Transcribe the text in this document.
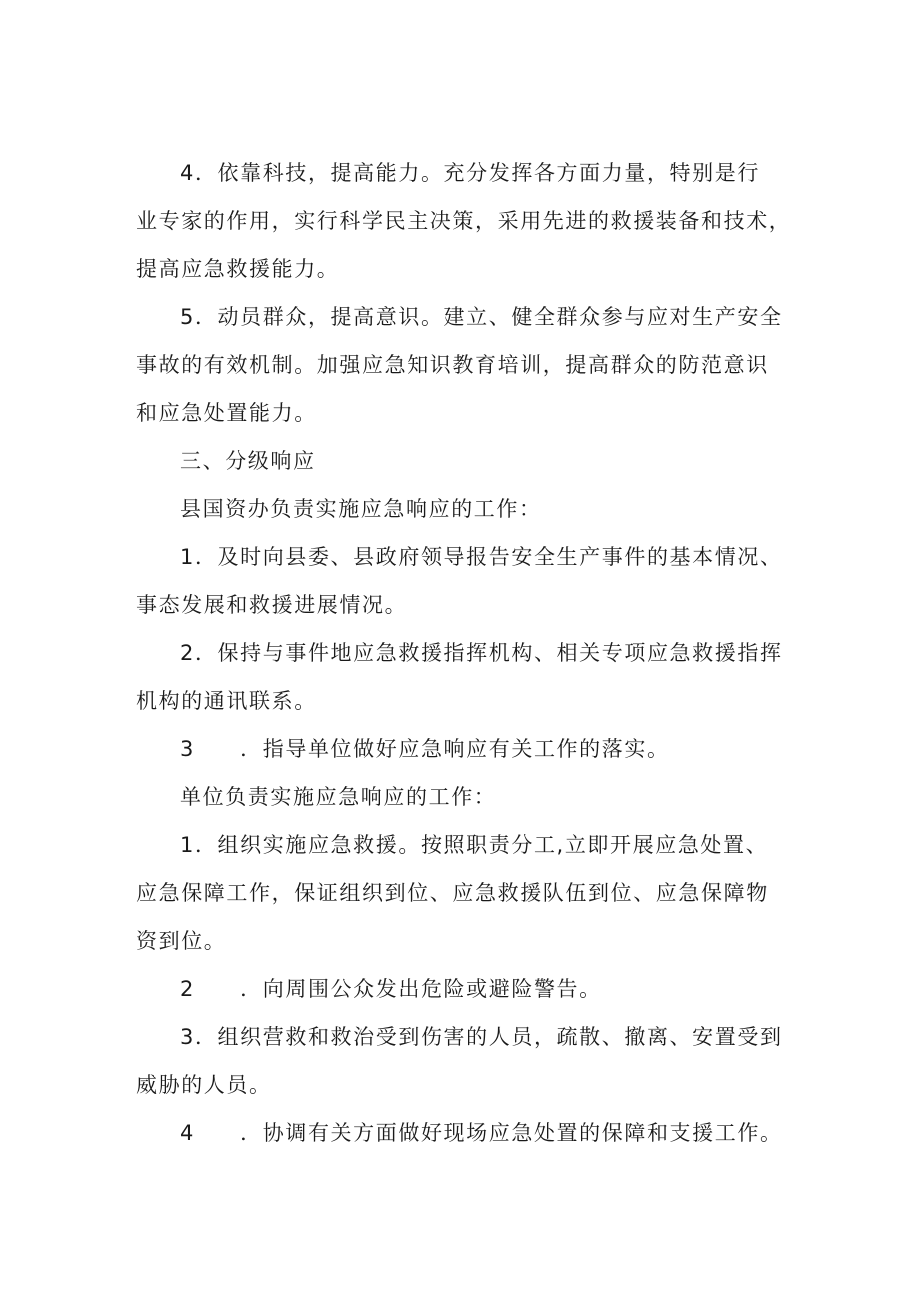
4．依靠科技，提高能力。充分发挥各方面力量，特别是行
业专家的作用，实行科学民主决策，采用先进的救援装备和技术，
提高应急救援能力。
5．动员群众，提高意识。建立、健全群众参与应对生产安全
事故的有效机制。加强应急知识教育培训，提高群众的防范意识
和应急处置能力。
三、分级响应
县国资办负责实施应急响应的工作：
1．及时向县委、县政府领导报告安全生产事件的基本情况、
事态发展和救援进展情况。
2．保持与事件地应急救援指挥机构、相关专项应急救援指挥
机构的通讯联系。
3　　．指导单位做好应急响应有关工作的落实。
单位负责实施应急响应的工作：
1．组织实施应急救援。按照职责分工,立即开展应急处置、
应急保障工作，保证组织到位、应急救援队伍到位、应急保障物
资到位。
2　　．向周围公众发出危险或避险警告。
3．组织营救和救治受到伤害的人员，疏散、撤离、安置受到
威胁的人员。
4　　．协调有关方面做好现场应急处置的保障和支援工作。
